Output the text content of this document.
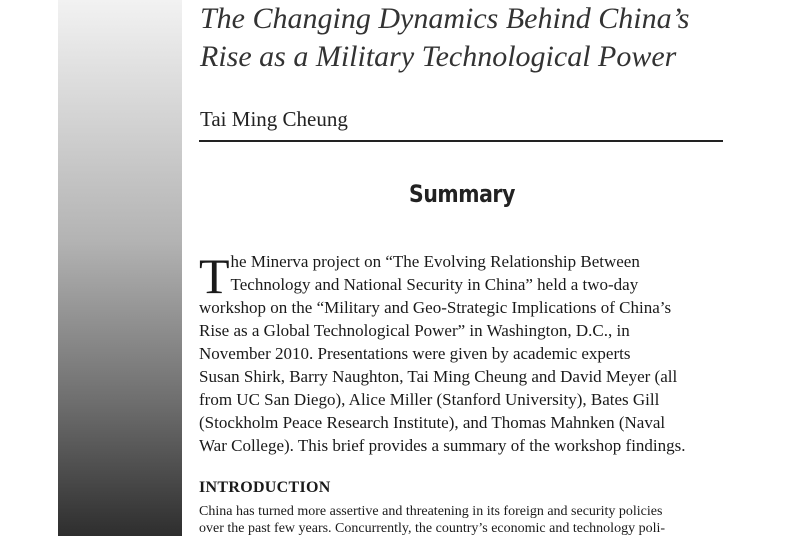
The Changing Dynamics Behind China’s
Rise as a Military Technological Power
Tai Ming Cheung
Summary
T he Minerva project on “The Evolving Relationship Between
Technology and National Security in China” held a two-day
workshop on the “Military and Geo-Strategic Implications of China’s
Rise as a Global Technological Power” in Washington, D.C., in
November 2010. Presentations were given by academic experts
Susan Shirk, Barry Naughton, Tai Ming Cheung and David Meyer (all
from UC San Diego), Alice Miller (Stanford University), Bates Gill
(Stockholm Peace Research Institute), and Thomas Mahnken (Naval
War College). This brief provides a summary of the workshop findings.
INTRODUCTION
China has turned more assertive and threatening in its foreign and security policies
over the past few years. Concurrently, the country’s economic and technology poli-
